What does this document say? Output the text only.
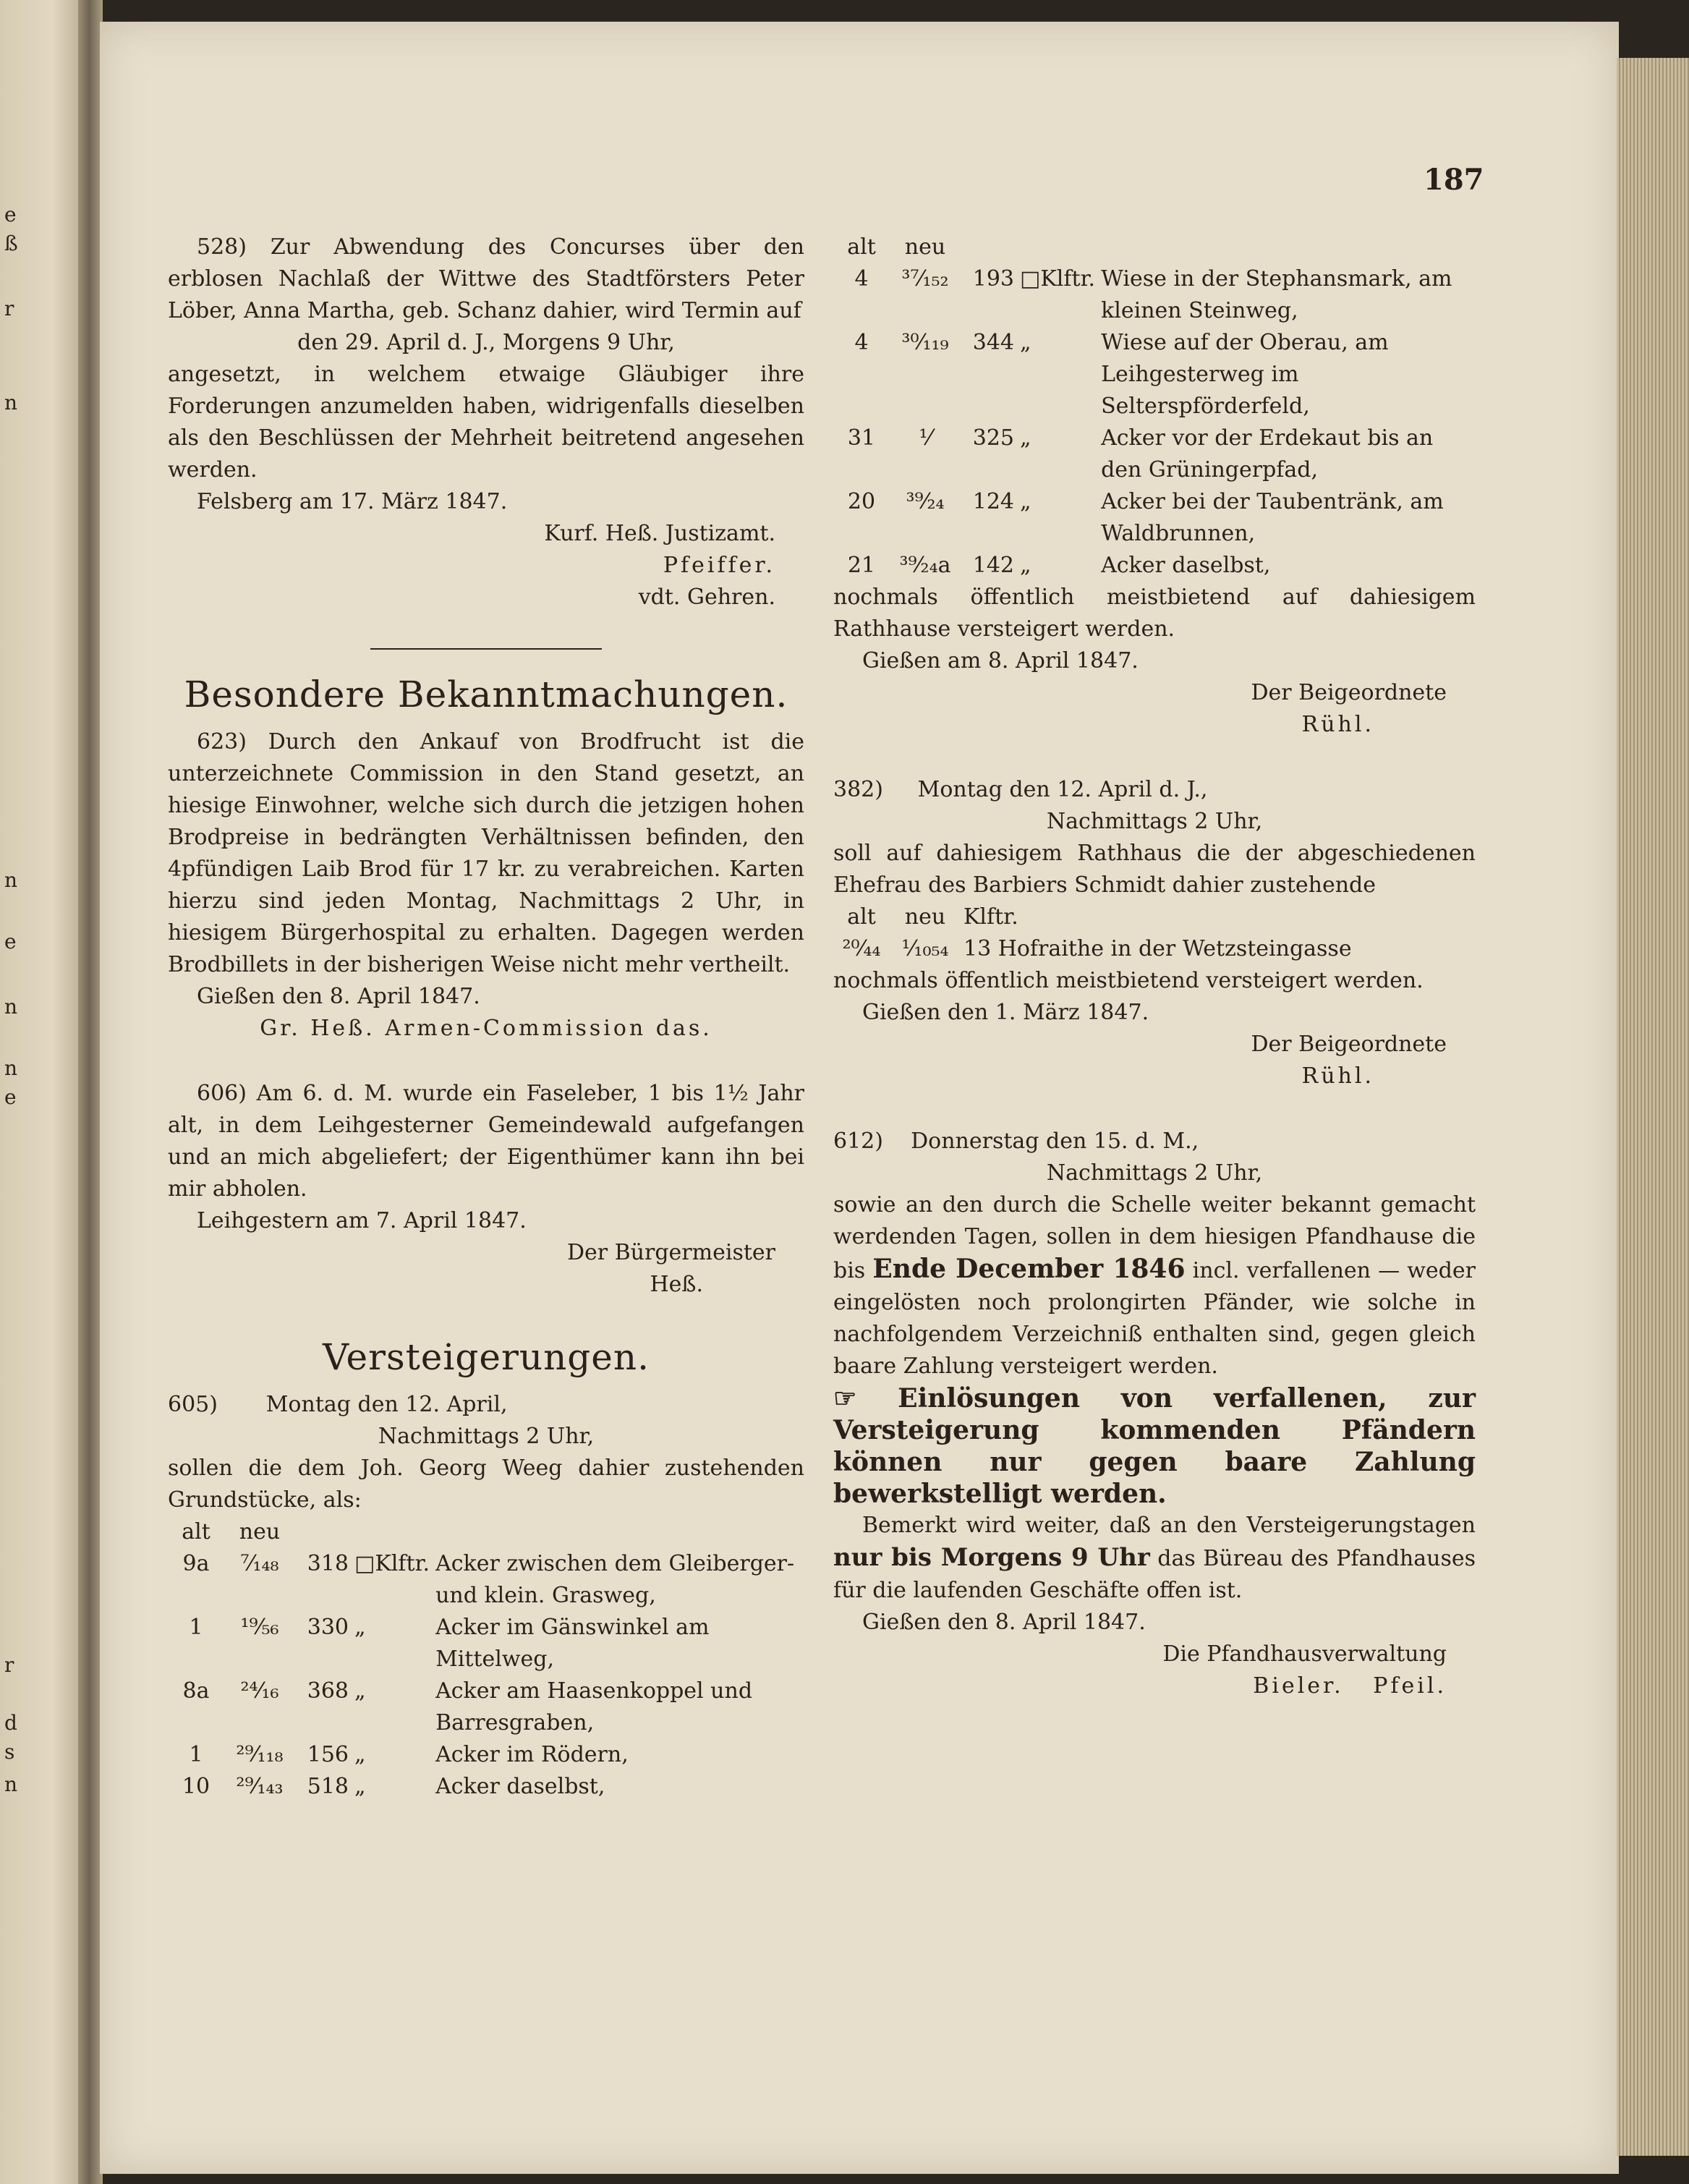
e
ß
r
n
n
e
n
n
e
r
d
s
n
187

528) Zur Abwendung des Concurses über den erblosen Nachlaß der Wittwe des Stadtförsters Peter Löber, Anna Martha, geb. Schanz dahier, wird Termin auf

den 29. April d. J., Morgens 9 Uhr,

angesetzt, in welchem etwaige Gläubiger ihre Forderungen anzumelden haben, widrigenfalls dieselben als den Beschlüssen der Mehrheit beitretend angesehen werden.

Felsberg am 17. März 1847.

Kurf. Heß. Justizamt.

Pfeiffer.

vdt. Gehren.

Besondere Bekanntmachungen.

623) Durch den Ankauf von Brodfrucht ist die unterzeichnete Commission in den Stand gesetzt, an hiesige Einwohner, welche sich durch die jetzigen hohen Brodpreise in bedrängten Verhältnissen befinden, den 4pfündigen Laib Brod für 17 kr. zu verabreichen. Karten hierzu sind jeden Montag, Nachmittags 2 Uhr, in hiesigem Bürgerhospital zu erhalten. Dagegen werden Brodbillets in der bisherigen Weise nicht mehr vertheilt.

Gießen den 8. April 1847.

Gr. Heß. Armen-Commission das.

606) Am 6. d. M. wurde ein Faseleber, 1 bis 1½ Jahr alt, in dem Leihgesterner Gemeindewald aufgefangen und an mich abgeliefert; der Eigenthümer kann ihn bei mir abholen.

Leihgestern am 7. April 1847.

Der Bürgermeister

Heß.

Versteigerungen.

605)       Montag den 12. April,

Nachmittags 2 Uhr,

sollen die dem Joh. Georg Weeg dahier zustehenden Grundstücke, als:

alt	neu			
9a	⁷⁄₁₄₈	318	□Klftr.	Acker zwischen dem Gleiberger- und klein. Grasweg,
1	¹⁹⁄₅₆	330	„	Acker im Gänswinkel am Mittelweg,
8a	²⁴⁄₁₆	368	„	Acker am Haasenkoppel und Barresgraben,
1	²⁹⁄₁₁₈	156	„	Acker im Rödern,
10	²⁹⁄₁₄₃	518	„	Acker daselbst,
alt	neu			
4	³⁷⁄₁₅₂	193	□Klftr.	Wiese in der Stephansmark, am kleinen Steinweg,
4	³⁰⁄₁₁₉	344	„	Wiese auf der Oberau, am Leihgesterweg im Selterspförderfeld,
31	¹⁄	325	„	Acker vor der Erdekaut bis an den Grüningerpfad,
20	³⁹⁄₂₄	124	„	Acker bei der Taubentränk, am Waldbrunnen,
21	³⁹⁄₂₄a	142	„	Acker daselbst,

nochmals öffentlich meistbietend auf dahiesigem Rathhause versteigert werden.

Gießen am 8. April 1847.

Der Beigeordnete

Rühl.

382)     Montag den 12. April d. J.,

Nachmittags 2 Uhr,

soll auf dahiesigem Rathhaus die der abgeschiedenen Ehefrau des Barbiers Schmidt dahier zustehende

alt	neu	Klftr.
²⁰⁄₄₄	¹⁄₁₀₅₄	13 Hofraithe in der Wetzsteingasse

nochmals öffentlich meistbietend versteigert werden.

Gießen den 1. März 1847.

Der Beigeordnete

Rühl.

612)    Donnerstag den 15. d. M.,

Nachmittags 2 Uhr,

sowie an den durch die Schelle weiter bekannt gemacht werdenden Tagen, sollen in dem hiesigen Pfandhause die bis Ende December 1846 incl. verfallenen — weder eingelösten noch prolongirten Pfänder, wie solche in nachfolgendem Verzeichniß enthalten sind, gegen gleich baare Zahlung versteigert werden.

☞ Einlösungen von verfallenen, zur Versteigerung kommenden Pfändern können nur gegen baare Zahlung bewerkstelligt werden.

Bemerkt wird weiter, daß an den Versteigerungstagen nur bis Morgens 9 Uhr das Büreau des Pfandhauses für die laufenden Geschäfte offen ist.

Gießen den 8. April 1847.

Die Pfandhausverwaltung

Bieler.   Pfeil.
